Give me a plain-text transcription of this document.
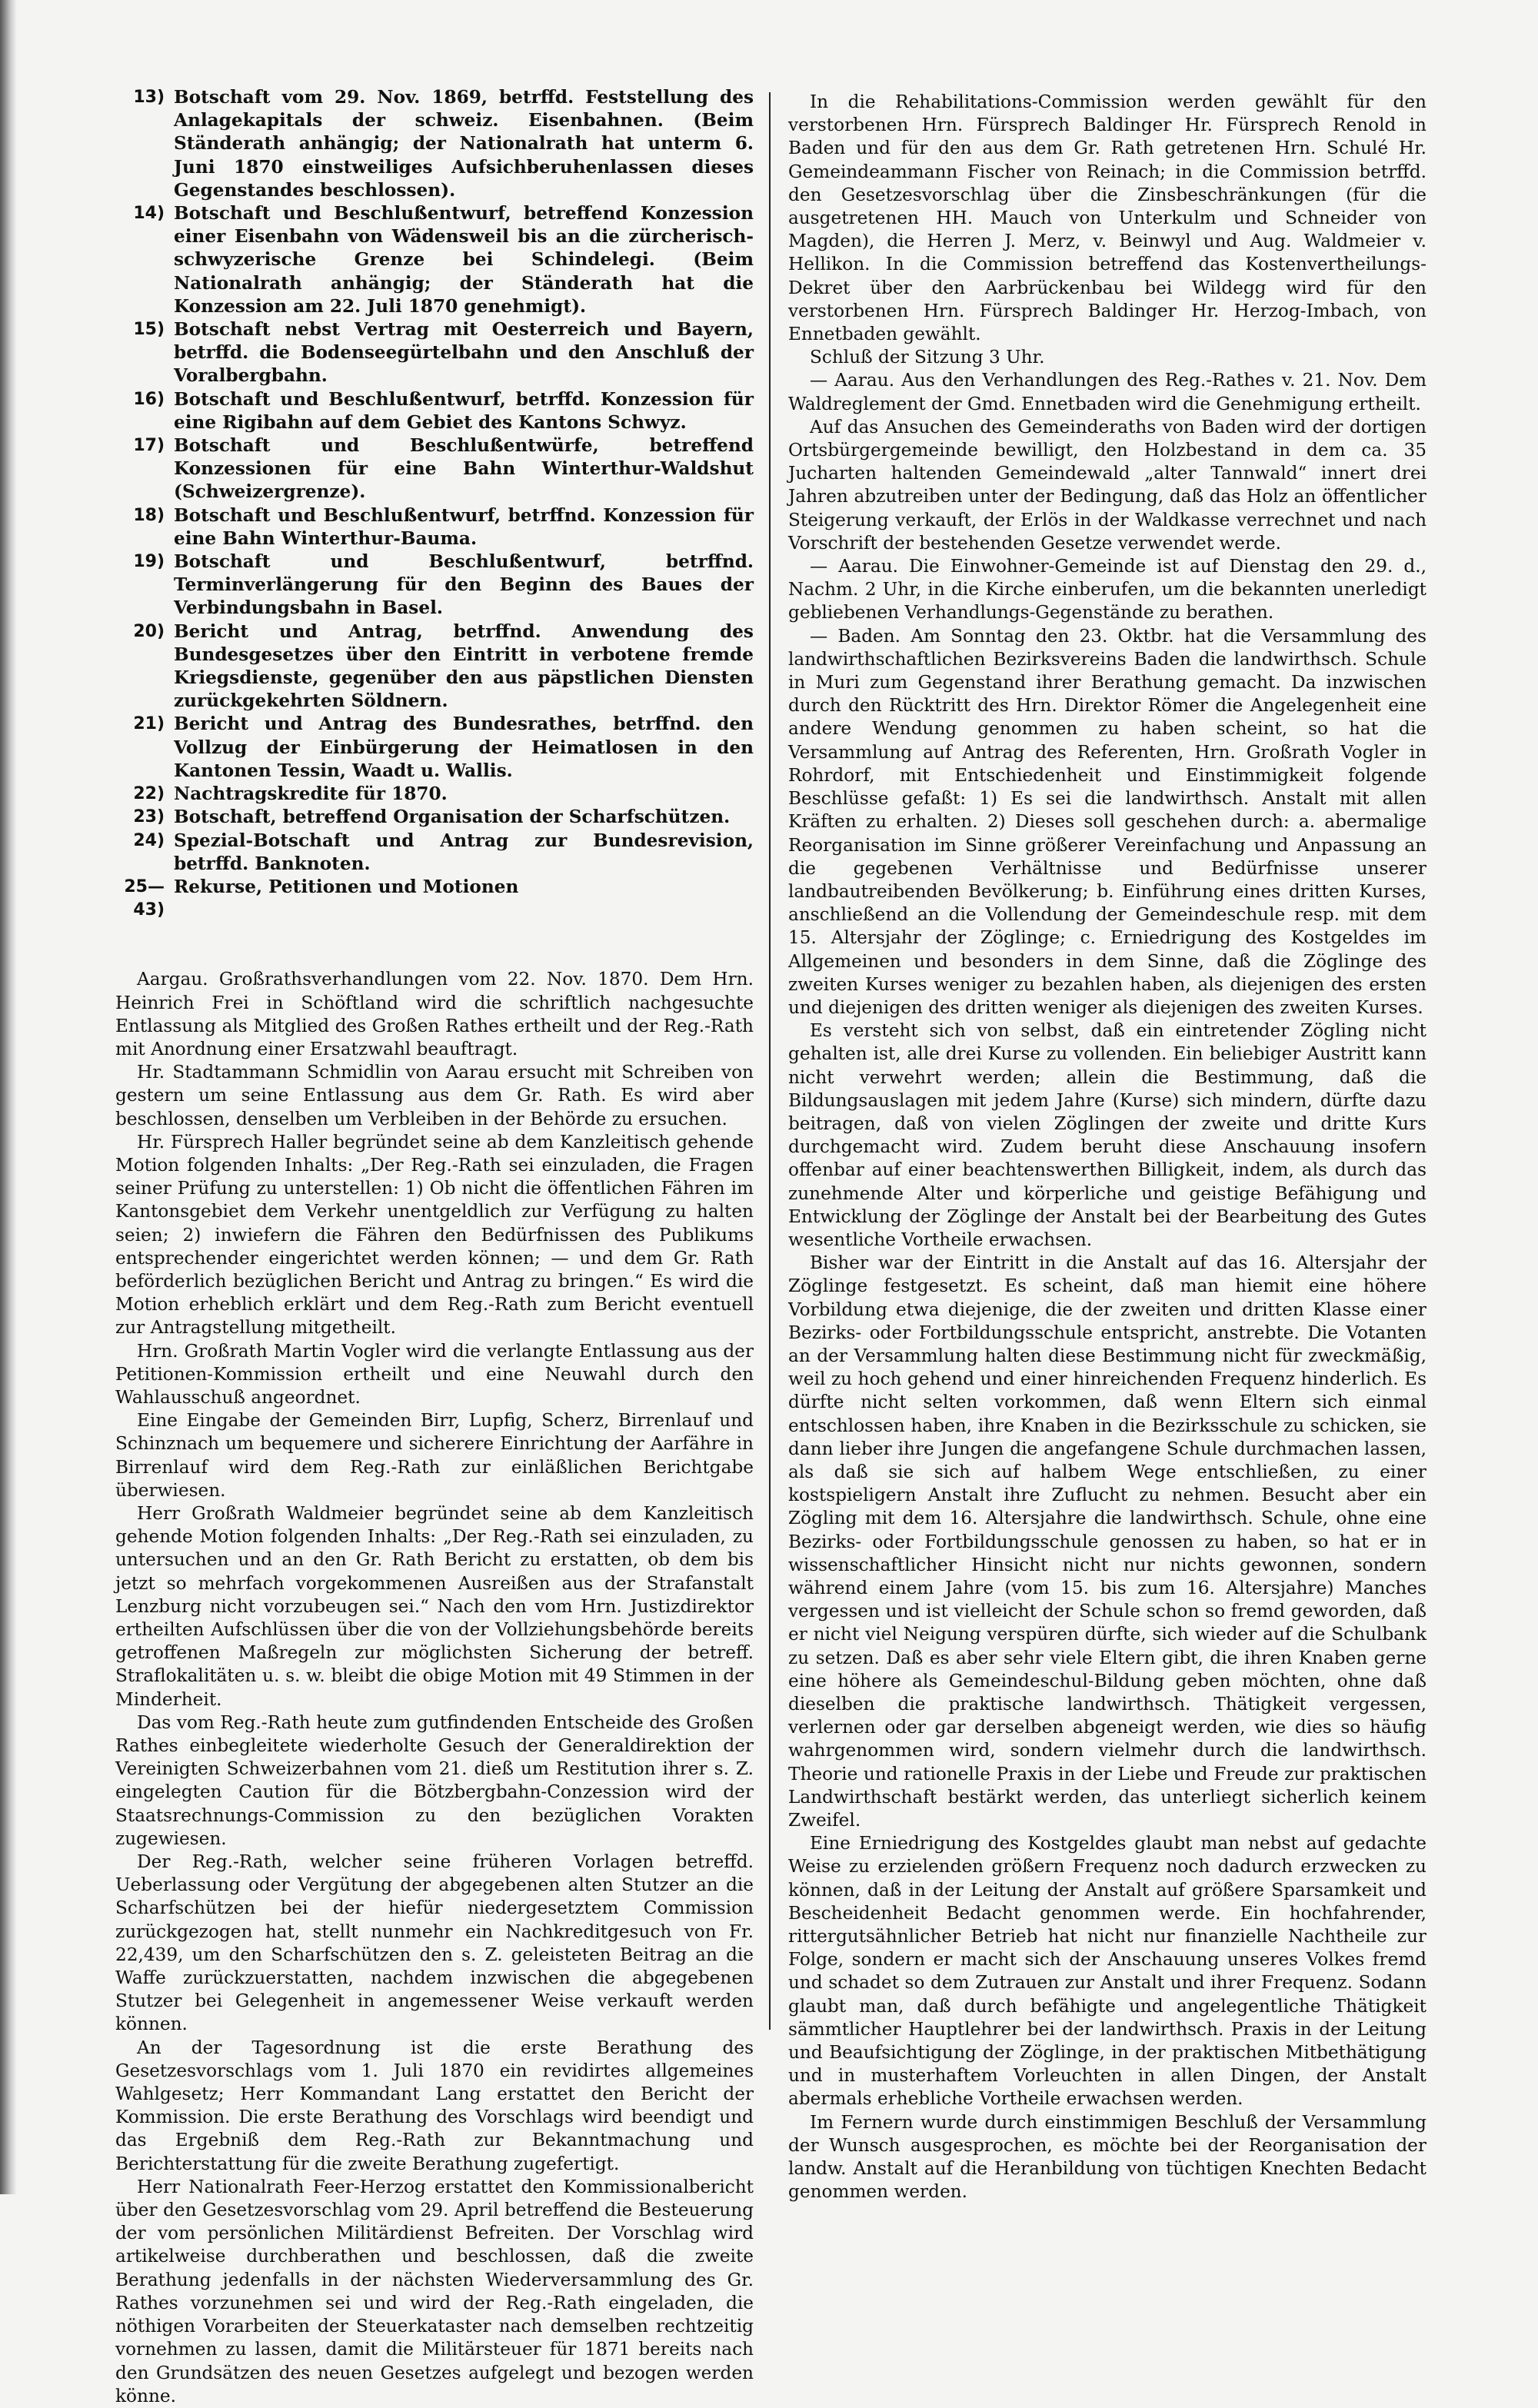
13) Botschaft vom 29. Nov. 1869, betrffd. Feststellung des Anlagekapitals der schweiz. Eisenbahnen. (Beim Ständerath anhängig; der Nationalrath hat unterm 6. Juni 1870 einstweiliges Aufsichberuhenlassen dieses Gegenstandes beschlossen).
14) Botschaft und Beschlußentwurf, betreffend Konzession einer Eisenbahn von Wädensweil bis an die zürcherisch-schwyzerische Grenze bei Schindelegi. (Beim Nationalrath anhängig; der Ständerath hat die Konzession am 22. Juli 1870 genehmigt).
15) Botschaft nebst Vertrag mit Oesterreich und Bayern, betrffd. die Bodenseegürtelbahn und den Anschluß der Voralbergbahn.
16) Botschaft und Beschlußentwurf, betrffd. Konzession für eine Rigibahn auf dem Gebiet des Kantons Schwyz.
17) Botschaft und Beschlußentwürfe, betreffend Konzessionen für eine Bahn Winterthur-Waldshut (Schweizergrenze).
18) Botschaft und Beschlußentwurf, betrffnd. Konzession für eine Bahn Winterthur-Bauma.
19) Botschaft und Beschlußentwurf, betrffnd. Terminverlängerung für den Beginn des Baues der Verbindungsbahn in Basel.
20) Bericht und Antrag, betrffnd. Anwendung des Bundesgesetzes über den Eintritt in verbotene fremde Kriegsdienste, gegenüber den aus päpstlichen Diensten zurückgekehrten Söldnern.
21) Bericht und Antrag des Bundesrathes, betrffnd. den Vollzug der Einbürgerung der Heimatlosen in den Kantonen Tessin, Waadt u. Wallis.
22) Nachtragskredite für 1870.
23) Botschaft, betreffend Organisation der Scharfschützen.
24) Spezial-Botschaft und Antrag zur Bundesrevision, betrffd. Banknoten.
25—43)
Rekurse, Petitionen und Motionen

Aargau. Großrathsverhandlungen vom 22. Nov. 1870. Dem Hrn. Heinrich Frei in Schöftland wird die schriftlich nachgesuchte Entlassung als Mitglied des Großen Rathes ertheilt und der Reg.-Rath mit Anordnung einer Ersatzwahl beauftragt.

Hr. Stadtammann Schmidlin von Aarau ersucht mit Schreiben von gestern um seine Entlassung aus dem Gr. Rath. Es wird aber beschlossen, denselben um Verbleiben in der Behörde zu ersuchen.

Hr. Fürsprech Haller begründet seine ab dem Kanzleitisch gehende Motion folgenden Inhalts: „Der Reg.-Rath sei einzuladen, die Fragen seiner Prüfung zu unterstellen: 1) Ob nicht die öffentlichen Fähren im Kantonsgebiet dem Verkehr unentgeldlich zur Verfügung zu halten seien; 2) inwiefern die Fähren den Bedürfnissen des Publikums entsprechender eingerichtet werden können; — und dem Gr. Rath beförderlich bezüglichen Bericht und Antrag zu bringen.“ Es wird die Motion erheblich erklärt und dem Reg.-Rath zum Bericht eventuell zur Antragstellung mitgetheilt.

Hrn. Großrath Martin Vogler wird die verlangte Entlassung aus der Petitionen-Kommission ertheilt und eine Neuwahl durch den Wahlausschuß angeordnet.

Eine Eingabe der Gemeinden Birr, Lupfig, Scherz, Birrenlauf und Schinznach um bequemere und sicherere Einrichtung der Aarfähre in Birrenlauf wird dem Reg.-Rath zur einläßlichen Berichtgabe überwiesen.

Herr Großrath Waldmeier begründet seine ab dem Kanzleitisch gehende Motion folgenden Inhalts: „Der Reg.-Rath sei einzuladen, zu untersuchen und an den Gr. Rath Bericht zu erstatten, ob dem bis jetzt so mehrfach vorgekommenen Ausreißen aus der Strafanstalt Lenzburg nicht vorzubeugen sei.“ Nach den vom Hrn. Justizdirektor ertheilten Aufschlüssen über die von der Vollziehungsbehörde bereits getroffenen Maßregeln zur möglichsten Sicherung der betreff. Straflokalitäten u. s. w. bleibt die obige Motion mit 49 Stimmen in der Minderheit.

Das vom Reg.-Rath heute zum gutfindenden Entscheide des Großen Rathes einbegleitete wiederholte Gesuch der Generaldirektion der Vereinigten Schweizerbahnen vom 21. dieß um Restitution ihrer s. Z. eingelegten Caution für die Bötzbergbahn-Conzession wird der Staatsrechnungs-Commission zu den bezüglichen Vorakten zugewiesen.

Der Reg.-Rath, welcher seine früheren Vorlagen betreffd. Ueberlassung oder Vergütung der abgegebenen alten Stutzer an die Scharfschützen bei der hiefür niedergesetztem Commission zurückgezogen hat, stellt nunmehr ein Nachkreditgesuch von Fr. 22,439, um den Scharfschützen den s. Z. geleisteten Beitrag an die Waffe zurückzuerstatten, nachdem inzwischen die abgegebenen Stutzer bei Gelegenheit in angemessener Weise verkauft werden können.

An der Tagesordnung ist die erste Berathung des Gesetzesvorschlags vom 1. Juli 1870 ein revidirtes allgemeines Wahlgesetz; Herr Kommandant Lang erstattet den Bericht der Kommission. Die erste Berathung des Vorschlags wird beendigt und das Ergebniß dem Reg.-Rath zur Bekanntmachung und Berichterstattung für die zweite Berathung zugefertigt.

Herr Nationalrath Feer-Herzog erstattet den Kommissionalbericht über den Gesetzesvorschlag vom 29. April betreffend die Besteuerung der vom persönlichen Militärdienst Befreiten. Der Vorschlag wird artikelweise durchberathen und beschlossen, daß die zweite Berathung jedenfalls in der nächsten Wiederversammlung des Gr. Rathes vorzunehmen sei und wird der Reg.-Rath eingeladen, die nöthigen Vorarbeiten der Steuerkataster nach demselben rechtzeitig vornehmen zu lassen, damit die Militärsteuer für 1871 bereits nach den Grundsätzen des neuen Gesetzes aufgelegt und bezogen werden könne.

In die Rehabilitations-Commission werden gewählt für den verstorbenen Hrn. Fürsprech Baldinger Hr. Fürsprech Renold in Baden und für den aus dem Gr. Rath getretenen Hrn. Schulé Hr. Gemeindeammann Fischer von Reinach; in die Commission betrffd. den Gesetzesvorschlag über die Zinsbeschränkungen (für die ausgetretenen HH. Mauch von Unterkulm und Schneider von Magden), die Herren J. Merz, v. Beinwyl und Aug. Waldmeier v. Hellikon. In die Commission betreffend das Kostenvertheilungs-Dekret über den Aarbrückenbau bei Wildegg wird für den verstorbenen Hrn. Fürsprech Baldinger Hr. Herzog-Imbach, von Ennetbaden gewählt.

Schluß der Sitzung 3 Uhr.

— Aarau. Aus den Verhandlungen des Reg.-Rathes v. 21. Nov. Dem Waldreglement der Gmd. Ennetbaden wird die Genehmigung ertheilt.

Auf das Ansuchen des Gemeinderaths von Baden wird der dortigen Ortsbürgergemeinde bewilligt, den Holzbestand in dem ca. 35 Jucharten haltenden Gemeindewald „alter Tannwald“ innert drei Jahren abzutreiben unter der Bedingung, daß das Holz an öffentlicher Steigerung verkauft, der Erlös in der Waldkasse verrechnet und nach Vorschrift der bestehenden Gesetze verwendet werde.

— Aarau. Die Einwohner-Gemeinde ist auf Dienstag den 29. d., Nachm. 2 Uhr, in die Kirche einberufen, um die bekannten unerledigt gebliebenen Verhandlungs-Gegenstände zu berathen.

— Baden. Am Sonntag den 23. Oktbr. hat die Versammlung des landwirthschaftlichen Bezirksvereins Baden die landwirthsch. Schule in Muri zum Gegenstand ihrer Berathung gemacht. Da inzwischen durch den Rücktritt des Hrn. Direktor Römer die Angelegenheit eine andere Wendung genommen zu haben scheint, so hat die Versammlung auf Antrag des Referenten, Hrn. Großrath Vogler in Rohrdorf, mit Entschiedenheit und Einstimmigkeit folgende Beschlüsse gefaßt: 1) Es sei die landwirthsch. Anstalt mit allen Kräften zu erhalten. 2) Dieses soll geschehen durch: a. abermalige Reorganisation im Sinne größerer Vereinfachung und Anpassung an die gegebenen Verhältnisse und Bedürfnisse unserer landbautreibenden Bevölkerung; b. Einführung eines dritten Kurses, anschließend an die Vollendung der Gemeindeschule resp. mit dem 15. Altersjahr der Zöglinge; c. Erniedrigung des Kostgeldes im Allgemeinen und besonders in dem Sinne, daß die Zöglinge des zweiten Kurses weniger zu bezahlen haben, als diejenigen des ersten und diejenigen des dritten weniger als diejenigen des zweiten Kurses.

Es versteht sich von selbst, daß ein eintretender Zögling nicht gehalten ist, alle drei Kurse zu vollenden. Ein beliebiger Austritt kann nicht verwehrt werden; allein die Bestimmung, daß die Bildungsauslagen mit jedem Jahre (Kurse) sich mindern, dürfte dazu beitragen, daß von vielen Zöglingen der zweite und dritte Kurs durchgemacht wird. Zudem beruht diese Anschauung insofern offenbar auf einer beachtenswerthen Billigkeit, indem, als durch das zunehmende Alter und körperliche und geistige Befähigung und Entwicklung der Zöglinge der Anstalt bei der Bearbeitung des Gutes wesentliche Vortheile erwachsen.

Bisher war der Eintritt in die Anstalt auf das 16. Altersjahr der Zöglinge festgesetzt. Es scheint, daß man hiemit eine höhere Vorbildung etwa diejenige, die der zweiten und dritten Klasse einer Bezirks- oder Fortbildungsschule entspricht, anstrebte. Die Votanten an der Versammlung halten diese Bestimmung nicht für zweckmäßig, weil zu hoch gehend und einer hinreichenden Frequenz hinderlich. Es dürfte nicht selten vorkommen, daß wenn Eltern sich einmal entschlossen haben, ihre Knaben in die Bezirksschule zu schicken, sie dann lieber ihre Jungen die angefangene Schule durchmachen lassen, als daß sie sich auf halbem Wege entschließen, zu einer kostspieligern Anstalt ihre Zuflucht zu nehmen. Besucht aber ein Zögling mit dem 16. Altersjahre die landwirthsch. Schule, ohne eine Bezirks- oder Fortbildungsschule genossen zu haben, so hat er in wissenschaftlicher Hinsicht nicht nur nichts gewonnen, sondern während einem Jahre (vom 15. bis zum 16. Altersjahre) Manches vergessen und ist vielleicht der Schule schon so fremd geworden, daß er nicht viel Neigung verspüren dürfte, sich wieder auf die Schulbank zu setzen. Daß es aber sehr viele Eltern gibt, die ihren Knaben gerne eine höhere als Gemeindeschul-Bildung geben möchten, ohne daß dieselben die praktische landwirthsch. Thätigkeit vergessen, verlernen oder gar derselben abgeneigt werden, wie dies so häufig wahrgenommen wird, sondern vielmehr durch die landwirthsch. Theorie und rationelle Praxis in der Liebe und Freude zur praktischen Landwirthschaft bestärkt werden, das unterliegt sicherlich keinem Zweifel.

Eine Erniedrigung des Kostgeldes glaubt man nebst auf gedachte Weise zu erzielenden größern Frequenz noch dadurch erzwecken zu können, daß in der Leitung der Anstalt auf größere Sparsamkeit und Bescheidenheit Bedacht genommen werde. Ein hochfahrender, rittergutsähnlicher Betrieb hat nicht nur finanzielle Nachtheile zur Folge, sondern er macht sich der Anschauung unseres Volkes fremd und schadet so dem Zutrauen zur Anstalt und ihrer Frequenz. Sodann glaubt man, daß durch befähigte und angelegentliche Thätigkeit sämmtlicher Hauptlehrer bei der landwirthsch. Praxis in der Leitung und Beaufsichtigung der Zöglinge, in der praktischen Mitbethätigung und in musterhaftem Vorleuchten in allen Dingen, der Anstalt abermals erhebliche Vortheile erwachsen werden.

Im Fernern wurde durch einstimmigen Beschluß der Versammlung der Wunsch ausgesprochen, es möchte bei der Reorganisation der landw. Anstalt auf die Heranbildung von tüchtigen Knechten Bedacht genommen werden.
